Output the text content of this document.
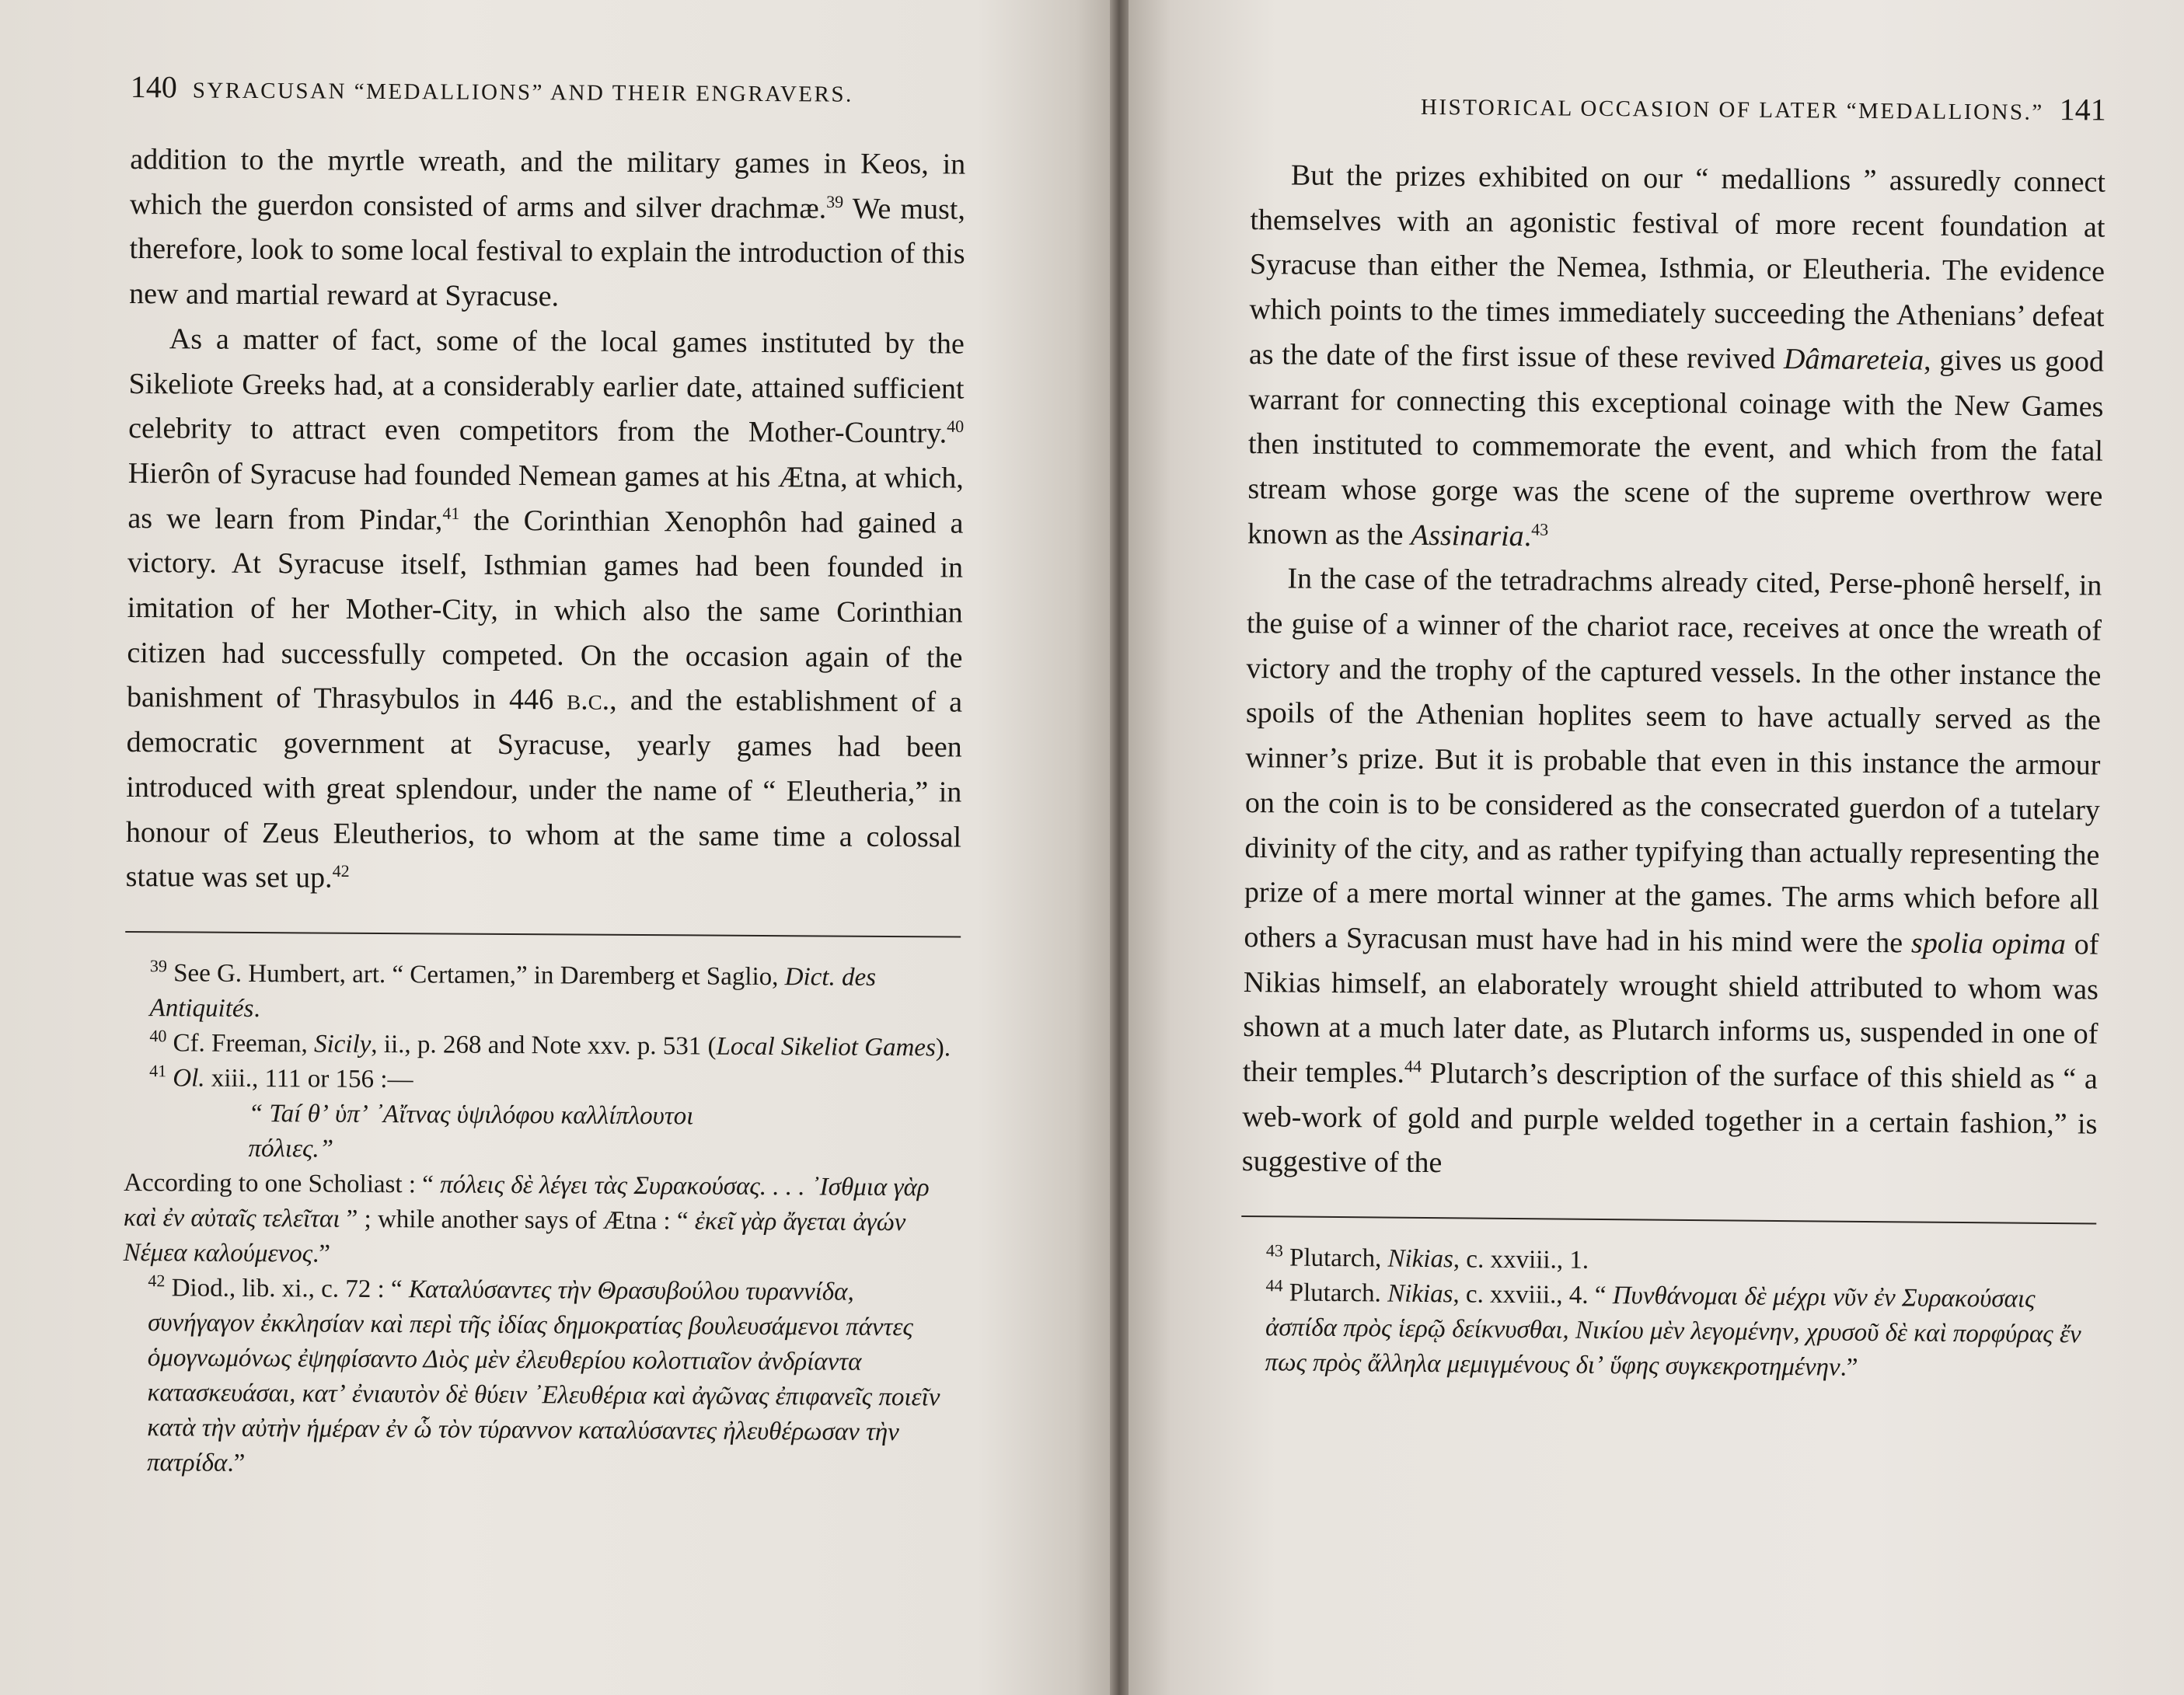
140 SYRACUSAN “MEDALLIONS” AND THEIR ENGRAVERS.

addition to the myrtle wreath, and the military games in Keos, in which the guerdon consisted of arms and silver drachmæ.$^{39}$ We must, therefore, look to some local festival to explain the introduction of this new and martial reward at Syracuse.

As a matter of fact, some of the local games instituted by the Sikeliote Greeks had, at a considerably earlier date, attained sufficient celebrity to attract even competitors from the Mother-Country.$^{40}$ Hierôn of Syracuse had founded Nemean games at his Ætna, at which, as we learn from Pindar,$^{41}$ the Corinthian Xenophôn had gained a victory. At Syracuse itself, Isthmian games had been founded in imitation of her Mother-City, in which also the same Corinthian citizen had successfully competed. On the occasion again of the banishment of Thrasybulos in 446 b.c., and the establishment of a democratic government at Syracuse, yearly games had been introduced with great splendour, under the name of “ Eleutheria,” in honour of Zeus Eleutherios, to whom at the same time a colossal statue was set up.$^{42}$

$^{39}$ See G. Humbert, art. “ Certamen,” in Daremberg et Saglio, Dict. des Antiquités.

$^{40}$ Cf. Freeman, Sicily, ii., p. 268 and Note xxv. p. 531 (Local Sikeliot Games).

$^{41}$ Ol. xiii., 111 or 156 :—

“ Taí θʼ ὑπʼ ᾽Αἴτνας ὑψιλόφου καλλίπλουτοι

πόλιες.”

According to one Scholiast : “ πόλεις δὲ λέγει τὰς Συρακούσας. . . . ᾿Ισθμια γὰρ καὶ ἐν αὐταῖς τελεῖται ” ; while another says of Ætna : “ ἐκεῖ γὰρ ἄγεται ἀγών Νέμεα καλούμενος.”

$^{42}$ Diod., lib. xi., c. 72 : “ Καταλύσαντες τὴν Θρασυβούλου τυραννίδα, συνήγαγον ἐκκλησίαν καὶ περὶ τῆς ἰδίας δημοκρατίας βουλευσάμενοι πάντες ὁμογνωμόνως ἐψηφίσαντο Διὸς μὲν ἐλευθερίου κολοττιαῖον ἀνδρίαντα κατασκευάσαι, κατʼ ἐνιαυτὸν δὲ θύειν ᾿Ελευθέρια καὶ ἀγῶνας ἐπιφανεῖς ποιεῖν κατὰ τὴν αὐτὴν ἡμέραν ἐν ὧ τὸν τύραννον καταλύσαντες ἠλευθέρωσαν τὴν πατρίδα.”

HISTORICAL OCCASION OF LATER “MEDALLIONS.” 141

But the prizes exhibited on our “ medallions ” assuredly connect themselves with an agonistic festival of more recent foundation at Syracuse than either the Nemea, Isthmia, or Eleutheria. The evidence which points to the times immediately succeeding the Athenians’ defeat as the date of the first issue of these revived Dâmareteia, gives us good warrant for connecting this exceptional coinage with the New Games then instituted to commemorate the event, and which from the fatal stream whose gorge was the scene of the supreme overthrow were known as the Assinaria.$^{43}$

In the case of the tetradrachms already cited, Perse-phonê herself, in the guise of a winner of the chariot race, receives at once the wreath of victory and the trophy of the captured vessels. In the other instance the spoils of the Athenian hoplites seem to have actually served as the winner’s prize. But it is probable that even in this instance the armour on the coin is to be considered as the consecrated guerdon of a tutelary divinity of the city, and as rather typifying than actually representing the prize of a mere mortal winner at the games. The arms which before all others a Syracusan must have had in his mind were the spolia opima of Nikias himself, an elaborately wrought shield attributed to whom was shown at a much later date, as Plutarch informs us, suspended in one of their temples.$^{44}$ Plutarch’s description of the surface of this shield as “ a web-work of gold and purple welded together in a certain fashion,” is suggestive of the

$^{43}$ Plutarch, Nikias, c. xxviii., 1.

$^{44}$ Plutarch. Nikias, c. xxviii., 4. “ Πυνθάνομαι δὲ μέχρι νῦν ἐν Συρακούσαις ἀσπίδα πρὸς ἱερῷ δείκνυσθαι, Νικίου μὲν λεγομένην, χρυσοῦ δὲ καὶ πορφύρας ἔν πως πρὸς ἄλληλα μεμιγμένους διʼ ὕφης συγκεκροτημένην.”
